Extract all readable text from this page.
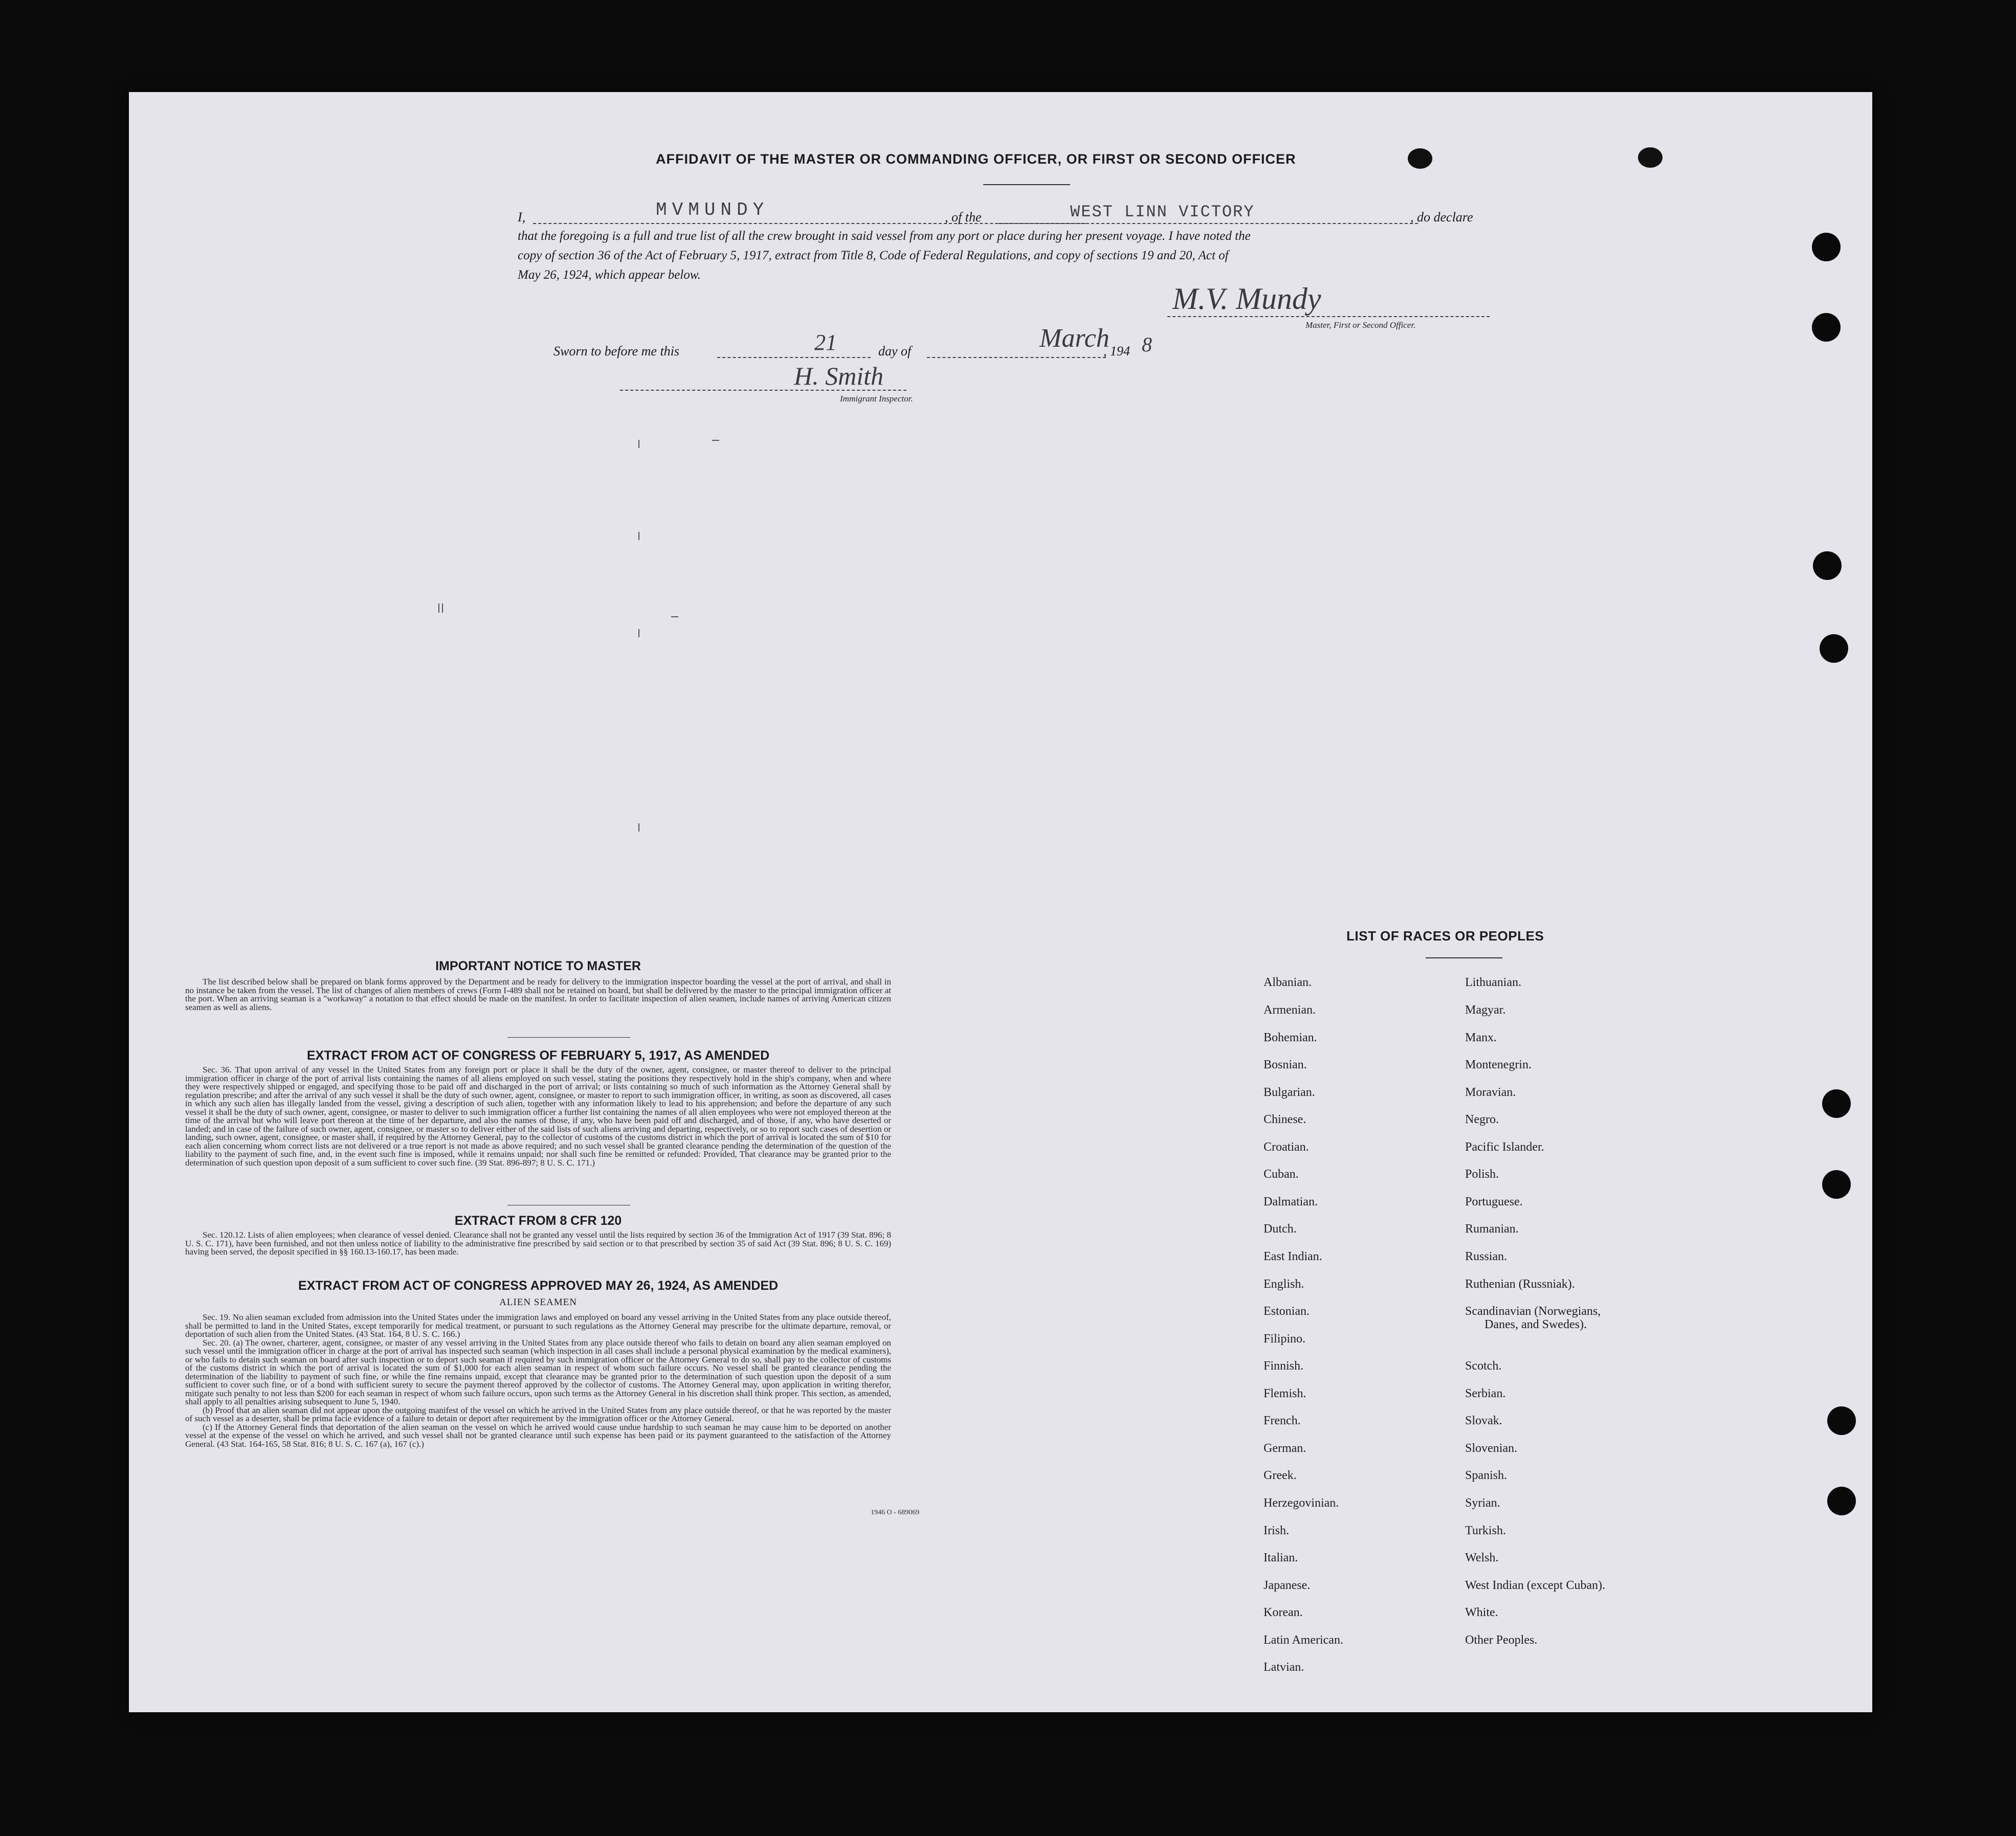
AFFIDAVIT OF THE MASTER OR COMMANDING OFFICER, OR FIRST OR SECOND OFFICER
I,	MVMUNDY	, of the	WEST LINN VICTORY	, do declare
that the foregoing is a full and true list of all the crew brought in said vessel from any port or place during her present voyage. I have noted the
copy of section 36 of the Act of February 5, 1917, extract from Title 8, Code of Federal Regulations, and copy of sections 19 and 20, Act of
May 26, 1924, which appear below.
M.V. Mundy
Master, First or Second Officer.
Sworn to before me this	21	day of	March
, 194 8
H. Smith
Immigrant Inspector.
IMPORTANT NOTICE TO MASTER

The list described below shall be prepared on blank forms approved by the Department and be ready for delivery to the immigration inspector boarding the vessel at the port of arrival, and shall in no instance be taken from the vessel. The list of changes of alien members of crews (Form I-489 shall not be retained on board, but shall be delivered by the master to the principal immigration officer at the port. When an arriving seaman is a "workaway" a notation to that effect should be made on the manifest. In order to facilitate inspection of alien seamen, include names of arriving American citizen seamen as well as aliens.

EXTRACT FROM ACT OF CONGRESS OF FEBRUARY 5, 1917, AS AMENDED

Sec. 36. That upon arrival of any vessel in the United States from any foreign port or place it shall be the duty of the owner, agent, consignee, or master thereof to deliver to the principal immigration officer in charge of the port of arrival lists containing the names of all aliens employed on such vessel, stating the positions they respectively hold in the ship's company, when and where they were respectively shipped or engaged, and specifying those to be paid off and discharged in the port of arrival; or lists containing so much of such information as the Attorney General shall by regulation prescribe; and after the arrival of any such vessel it shall be the duty of such owner, agent, consignee, or master to report to such immigration officer, in writing, as soon as discovered, all cases in which any such alien has illegally landed from the vessel, giving a description of such alien, together with any information likely to lead to his apprehension; and before the departure of any such vessel it shall be the duty of such owner, agent, consignee, or master to deliver to such immigration officer a further list containing the names of all alien employees who were not employed thereon at the time of the arrival but who will leave port thereon at the time of her departure, and also the names of those, if any, who have been paid off and discharged, and of those, if any, who have deserted or landed; and in case of the failure of such owner, agent, consignee, or master so to deliver either of the said lists of such aliens arriving and departing, respectively, or so to report such cases of desertion or landing, such owner, agent, consignee, or master shall, if required by the Attorney General, pay to the collector of customs of the customs district in which the port of arrival is located the sum of $10 for each alien concerning whom correct lists are not delivered or a true report is not made as above required; and no such vessel shall be granted clearance pending the determination of the question of the liability to the payment of such fine, and, in the event such fine is imposed, while it remains unpaid; nor shall such fine be remitted or refunded: Provided, That clearance may be granted prior to the determination of such question upon deposit of a sum sufficient to cover such fine. (39 Stat. 896-897; 8 U. S. C. 171.)

EXTRACT FROM 8 CFR 120

Sec. 120.12. Lists of alien employees; when clearance of vessel denied. Clearance shall not be granted any vessel until the lists required by section 36 of the Immigration Act of 1917 (39 Stat. 896; 8 U. S. C. 171), have been furnished, and not then unless notice of liability to the administrative fine prescribed by said section or to that prescribed by section 35 of said Act (39 Stat. 896; 8 U. S. C. 169) having been served, the deposit specified in §§ 160.13-160.17, has been made.

EXTRACT FROM ACT OF CONGRESS APPROVED MAY 26, 1924, AS AMENDED
ALIEN SEAMEN

Sec. 19. No alien seaman excluded from admission into the United States under the immigration laws and employed on board any vessel arriving in the United States from any place outside thereof, shall be permitted to land in the United States, except temporarily for medical treatment, or pursuant to such regulations as the Attorney General may prescribe for the ultimate departure, removal, or deportation of such alien from the United States. (43 Stat. 164, 8 U. S. C. 166.)

Sec. 20. (a) The owner, charterer, agent, consignee, or master of any vessel arriving in the United States from any place outside thereof who fails to detain on board any alien seaman employed on such vessel until the immigration officer in charge at the port of arrival has inspected such seaman (which inspection in all cases shall include a personal physical examination by the medical examiners), or who fails to detain such seaman on board after such inspection or to deport such seaman if required by such immigration officer or the Attorney General to do so, shall pay to the collector of customs of the customs district in which the port of arrival is located the sum of $1,000 for each alien seaman in respect of whom such failure occurs. No vessel shall be granted clearance pending the determination of the liability to payment of such fine, or while the fine remains unpaid, except that clearance may be granted prior to the determination of such question upon the deposit of a sum sufficient to cover such fine, or of a bond with sufficient surety to secure the payment thereof approved by the collector of customs. The Attorney General may, upon application in writing therefor, mitigate such penalty to not less than $200 for each seaman in respect of whom such failure occurs, upon such terms as the Attorney General in his discretion shall think proper. This section, as amended, shall apply to all penalties arising subsequent to June 5, 1940.

(b) Proof that an alien seaman did not appear upon the outgoing manifest of the vessel on which he arrived in the United States from any place outside thereof, or that he was reported by the master of such vessel as a deserter, shall be prima facie evidence of a failure to detain or deport after requirement by the immigration officer or the Attorney General.

(c) If the Attorney General finds that deportation of the alien seaman on the vessel on which he arrived would cause undue hardship to such seaman he may cause him to be deported on another vessel at the expense of the vessel on which he arrived, and such vessel shall not be granted clearance until such expense has been paid or its payment guaranteed to the satisfaction of the Attorney General. (43 Stat. 164-165, 58 Stat. 816; 8 U. S. C. 167 (a), 167 (c).)

1946 O - 689069
LIST OF RACES OR PEOPLES
Albanian.
Armenian.
Bohemian.
Bosnian.
Bulgarian.
Chinese.
Croatian.
Cuban.
Dalmatian.
Dutch.
East Indian.
English.
Estonian.
Filipino.
Finnish.
Flemish.
French.
German.
Greek.
Herzegovinian.
Irish.
Italian.
Japanese.
Korean.
Latin American.
Latvian.
Lithuanian.
Magyar.
Manx.
Montenegrin.
Moravian.
Negro.
Pacific Islander.
Polish.
Portuguese.
Rumanian.
Russian.
Ruthenian (Russniak).
Scandinavian (Norwegians,
Danes, and Swedes).
Scotch.
Serbian.
Slovak.
Slovenian.
Spanish.
Syrian.
Turkish.
Welsh.
West Indian (except Cuban).
White.
Other Peoples.
